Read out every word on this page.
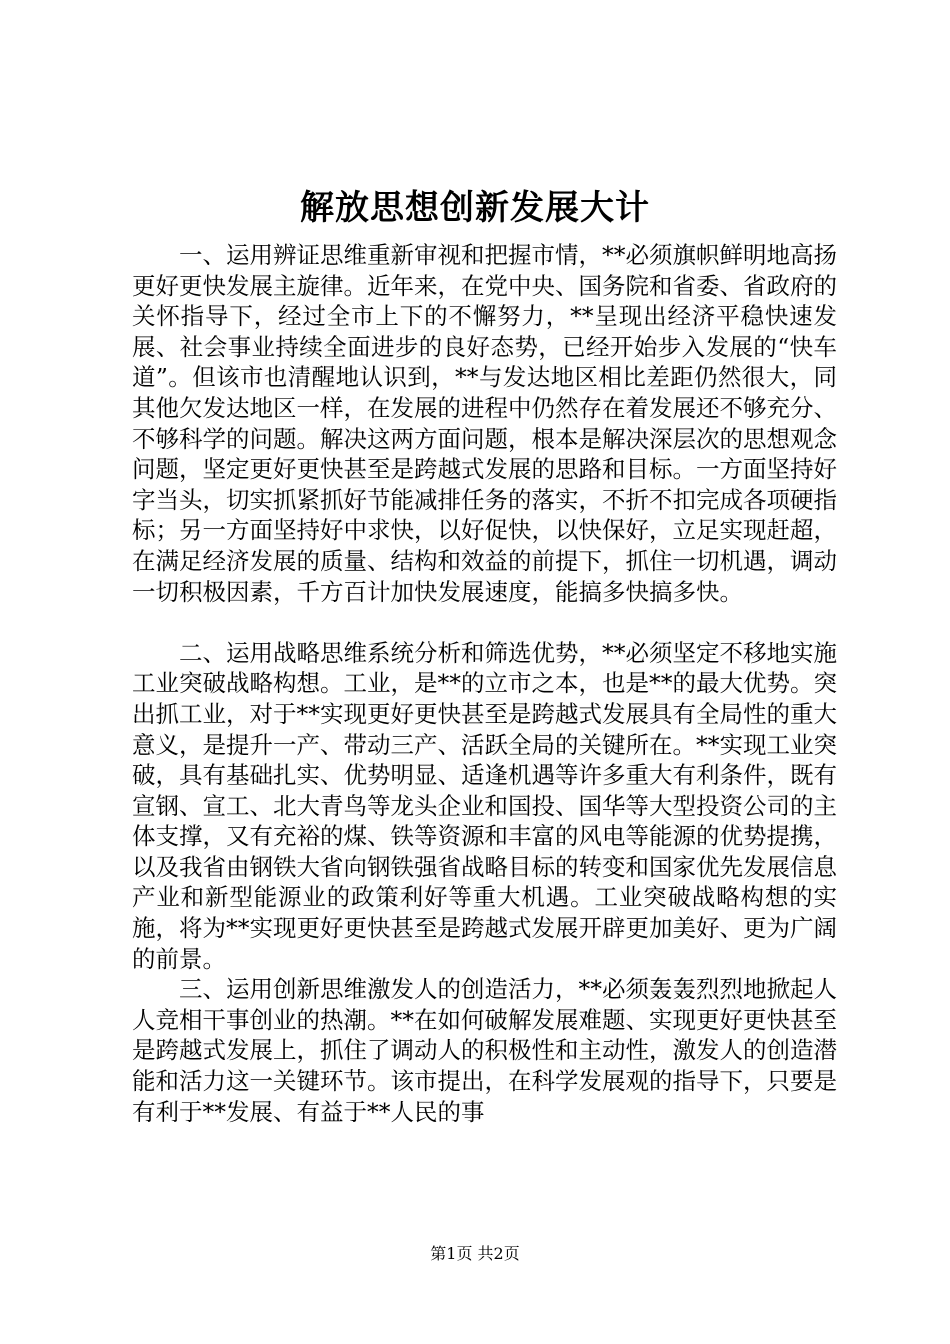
解放思想创新发展大计

一、运用辨证思维重新审视和把握市情，**必须旗帜鲜明地高扬更好更快发展主旋律。近年来，在党中央、国务院和省委、省政府的关怀指导下，经过全市上下的不懈努力，**呈现出经济平稳快速发展、社会事业持续全面进步的良好态势，已经开始步入发展的“快车道”。但该市也清醒地认识到，**与发达地区相比差距仍然很大，同其他欠发达地区一样，在发展的进程中仍然存在着发展还不够充分、不够科学的问题。解决这两方面问题，根本是解决深层次的思想观念问题，坚定更好更快甚至是跨越式发展的思路和目标。一方面坚持好字当头，切实抓紧抓好节能减排任务的落实，不折不扣完成各项硬指标；另一方面坚持好中求快，以好促快，以快保好，立足实现赶超，在满足经济发展的质量、结构和效益的前提下，抓住一切机遇，调动一切积极因素，千方百计加快发展速度，能搞多快搞多快。

二、运用战略思维系统分析和筛选优势，**必须坚定不移地实施工业突破战略构想。工业，是**的立市之本，也是**的最大优势。突出抓工业，对于**实现更好更快甚至是跨越式发展具有全局性的重大意义，是提升一产、带动三产、活跃全局的关键所在。**实现工业突破，具有基础扎实、优势明显、适逢机遇等许多重大有利条件，既有宣钢、宣工、北大青鸟等龙头企业和国投、国华等大型投资公司的主体支撑，又有充裕的煤、铁等资源和丰富的风电等能源的优势提携，以及我省由钢铁大省向钢铁强省战略目标的转变和国家优先发展信息产业和新型能源业的政策利好等重大机遇。工业突破战略构想的实施，将为**实现更好更快甚至是跨越式发展开辟更加美好、更为广阔的前景。

三、运用创新思维激发人的创造活力，**必须轰轰烈烈地掀起人人竞相干事创业的热潮。**在如何破解发展难题、实现更好更快甚至是跨越式发展上，抓住了调动人的积极性和主动性，激发人的创造潜能和活力这一关键环节。该市提出，在科学发展观的指导下，只要是有利于**发展、有益于**人民的事

第1页 共2页
